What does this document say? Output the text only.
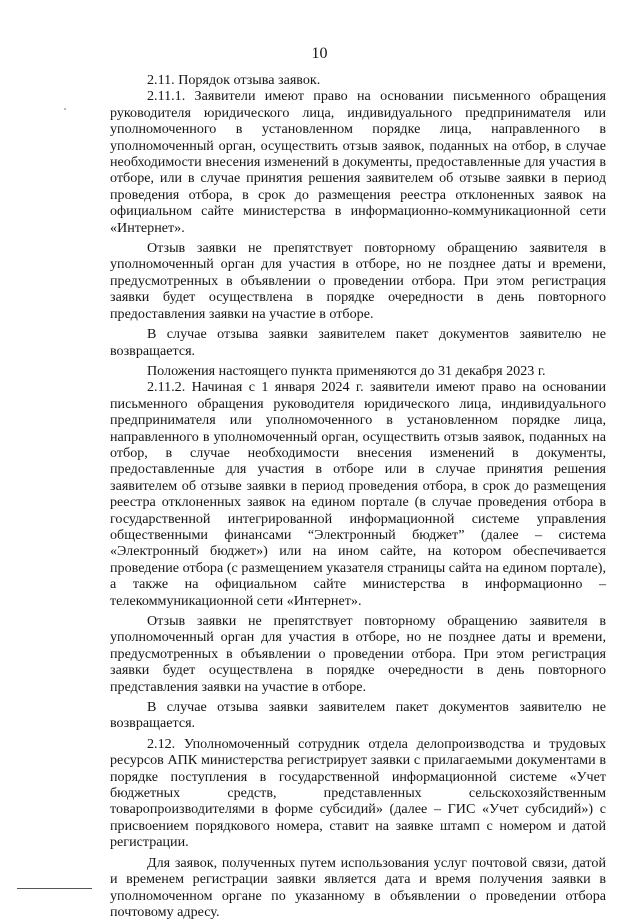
10

2.11. Порядок отзыва заявок.

2.11.1. Заявители имеют право на основании письменного обращения руководителя юридического лица, индивидуального предпринимателя или уполномоченного в установленном порядке лица, направленного в уполномоченный орган, осуществить отзыв заявок, поданных на отбор, в случае необходимости внесения изменений в документы, предоставленные для участия в отборе, или в случае принятия решения заявителем об отзыве заявки в период проведения отбора, в срок до размещения реестра отклоненных заявок на официальном сайте министерства в информационно-коммуникационной сети «Интернет».

Отзыв заявки не препятствует повторному обращению заявителя в уполномоченный орган для участия в отборе, но не позднее даты и времени, предусмотренных в объявлении о проведении отбора. При этом регистрация заявки будет осуществлена в порядке очередности в день повторного предоставления заявки на участие в отборе.

В случае отзыва заявки заявителем пакет документов заявителю не возвращается.

Положения настоящего пункта применяются до 31 декабря 2023 г.

2.11.2. Начиная с 1 января 2024 г. заявители имеют право на основании письменного обращения руководителя юридического лица, индивидуального предпринимателя или уполномоченного в установленном порядке лица, направленного в уполномоченный орган, осуществить отзыв заявок, поданных на отбор, в случае необходимости внесения изменений в документы, предоставленные для участия в отборе или в случае принятия решения заявителем об отзыве заявки в период проведения отбора, в срок до размещения реестра отклоненных заявок на едином портале (в случае проведения отбора в государственной интегрированной информационной системе управления общественными финансами “Электронный бюджет” (далее – система «Электронный бюджет») или на ином сайте, на котором обеспечивается проведение отбора (с размещением указателя страницы сайта на едином портале), а также на официальном сайте министерства в информационно – телекоммуникационной сети «Интернет».

Отзыв заявки не препятствует повторному обращению заявителя в уполномоченный орган для участия в отборе, но не позднее даты и времени, предусмотренных в объявлении о проведении отбора. При этом регистрация заявки будет осуществлена в порядке очередности в день повторного представления заявки на участие в отборе.

В случае отзыва заявки заявителем пакет документов заявителю не возвращается.

2.12. Уполномоченный сотрудник отдела делопроизводства и трудовых ресурсов АПК министерства регистрирует заявки с прилагаемыми документами в порядке поступления в государственной информационной системе «Учет бюджетных средств, представленных сельскохозяйственным товаропроизводителями в форме субсидий» (далее – ГИС «Учет субсидий») с присвоением порядкового номера, ставит на заявке штамп с номером и датой регистрации.

Для заявок, полученных путем использования услуг почтовой связи, датой и временем регистрации заявки является дата и время получения заявки в уполномоченном органе по указанному в объявлении о проведении отбора почтовому адресу.
